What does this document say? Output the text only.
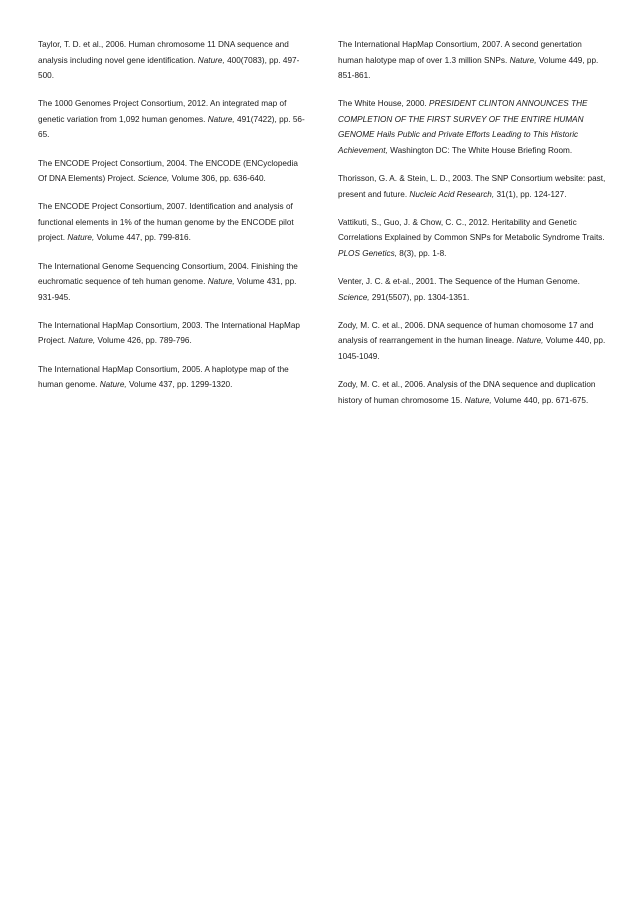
Taylor, T. D. et al., 2006. Human chromosome 11 DNA sequence and analysis including novel gene identification. Nature, 400(7083), pp. 497-500.

The 1000 Genomes Project Consortium, 2012. An integrated map of genetic variation from 1,092 human genomes. Nature, 491(7422), pp. 56-65.

The ENCODE Project Consortium, 2004. The ENCODE (ENCyclopedia Of DNA Elements) Project. Science, Volume 306, pp. 636-640.

The ENCODE Project Consortium, 2007. Identification and analysis of functional elements in 1% of the human genome by the ENCODE pilot project. Nature, Volume 447, pp. 799-816.

The International Genome Sequencing Consortium, 2004. Finishing the euchromatic sequence of teh human genome. Nature, Volume 431, pp. 931-945.

The International HapMap Consortium, 2003. The International HapMap Project. Nature, Volume 426, pp. 789-796.

The International HapMap Consortium, 2005. A haplotype map of the human genome. Nature, Volume 437, pp. 1299-1320.

The International HapMap Consortium, 2007. A second genertation human halotype map of over 1.3 million SNPs. Nature, Volume 449, pp. 851-861.

The White House, 2000. PRESIDENT CLINTON ANNOUNCES THE COMPLETION OF THE FIRST SURVEY OF THE ENTIRE HUMAN GENOME Hails Public and Private Efforts Leading to This Historic Achievement, Washington DC: The White House Briefing Room.

Thorisson, G. A. & Stein, L. D., 2003. The SNP Consortium website: past, present and future. Nucleic Acid Research, 31(1), pp. 124-127.

Vattikuti, S., Guo, J. & Chow, C. C., 2012. Heritability and Genetic Correlations Explained by Common SNPs for Metabolic Syndrome Traits. PLOS Genetics, 8(3), pp. 1-8.

Venter, J. C. & et-al., 2001. The Sequence of the Human Genome. Science, 291(5507), pp. 1304-1351.

Zody, M. C. et al., 2006. DNA sequence of human chomosome 17 and analysis of rearrangement in the human lineage. Nature, Volume 440, pp. 1045-1049.

Zody, M. C. et al., 2006. Analysis of the DNA sequence and duplication history of human chromosome 15. Nature, Volume 440, pp. 671-675.
